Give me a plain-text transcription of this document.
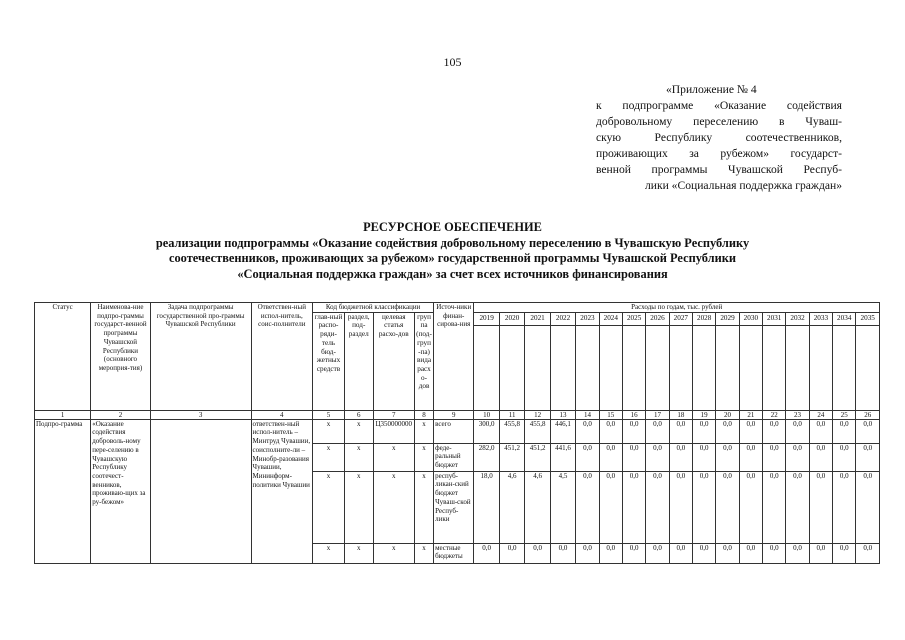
105
«Приложение № 4
к подпрограмме «Оказание содействия
добровольному переселению в Чуваш-
скую Республику соотечественников,
проживающих за рубежом» государст-
венной программы Чувашской Респуб-
лики «Социальная поддержка граждан»
РЕСУРСНОЕ ОБЕСПЕЧЕНИЕ
реализации подпрограммы «Оказание содействия добровольному переселению в Чувашскую Республику
соотечественников, проживающих за рубежом» государственной программы Чувашской Республики
«Социальная поддержка граждан» за счет всех источников финансирования
Статус	Наименова-ние подпро-граммы государст-венной программы Чувашской Республики (основного мероприя-тия)	Задача подпрограммы государственной про-граммы Чувашской Республики	Ответствен-ный испол-нитель, соис-полнители	Код бюджетной классификации				Источ-ники финан-сирова-ния	Расходы по годам, тыс. рублей																
				глав-ный распо-ряди-тель бюд-жетных средств	раздел, под-раздел	целевая статья расхо-дов	группа (под-груп-па) вида расхо-дов		2019	2020	2021	2022	2023	2024	2025	2026	2027	2028	2029	2030	2031	2032	2033	2034	2035

1	2	3	4	5	6	7	8	9	10	11	12	13	14	15	16	17	18	19	20	21	22	23	24	25	26
Подпро-грамма	«Оказание содействия доброволь-ному пере-селению в Чувашскую Республику соотечест-венников, проживаю-щих за ру-бежом»		ответствен-ный испол-нитель – Минтруд Чувашии, соисполните-ли – Минобр-разования Чувашии, Мининформ-политики Чувашии	x	x	Ц350000000	x	всего	300,0	455,8	455,8	446,1	0,0	0,0	0,0	0,0	0,0	0,0	0,0	0,0	0,0	0,0	0,0	0,0	0,0
				x	x	x	x	феде-ральный бюджет	282,0	451,2	451,2	441,6	0,0	0,0	0,0	0,0	0,0	0,0	0,0	0,0	0,0	0,0	0,0	0,0	0,0
				x	x	x	x	респуб-ликан-ский бюджет Чуваш-ской Респуб-лики	18,0	4,6	4,6	4,5	0,0	0,0	0,0	0,0	0,0	0,0	0,0	0,0	0,0	0,0	0,0	0,0	0,0
				x	x	x	x	местные бюджеты	0,0	0,0	0,0	0,0	0,0	0,0	0,0	0,0	0,0	0,0	0,0	0,0	0,0	0,0	0,0	0,0	0,0
